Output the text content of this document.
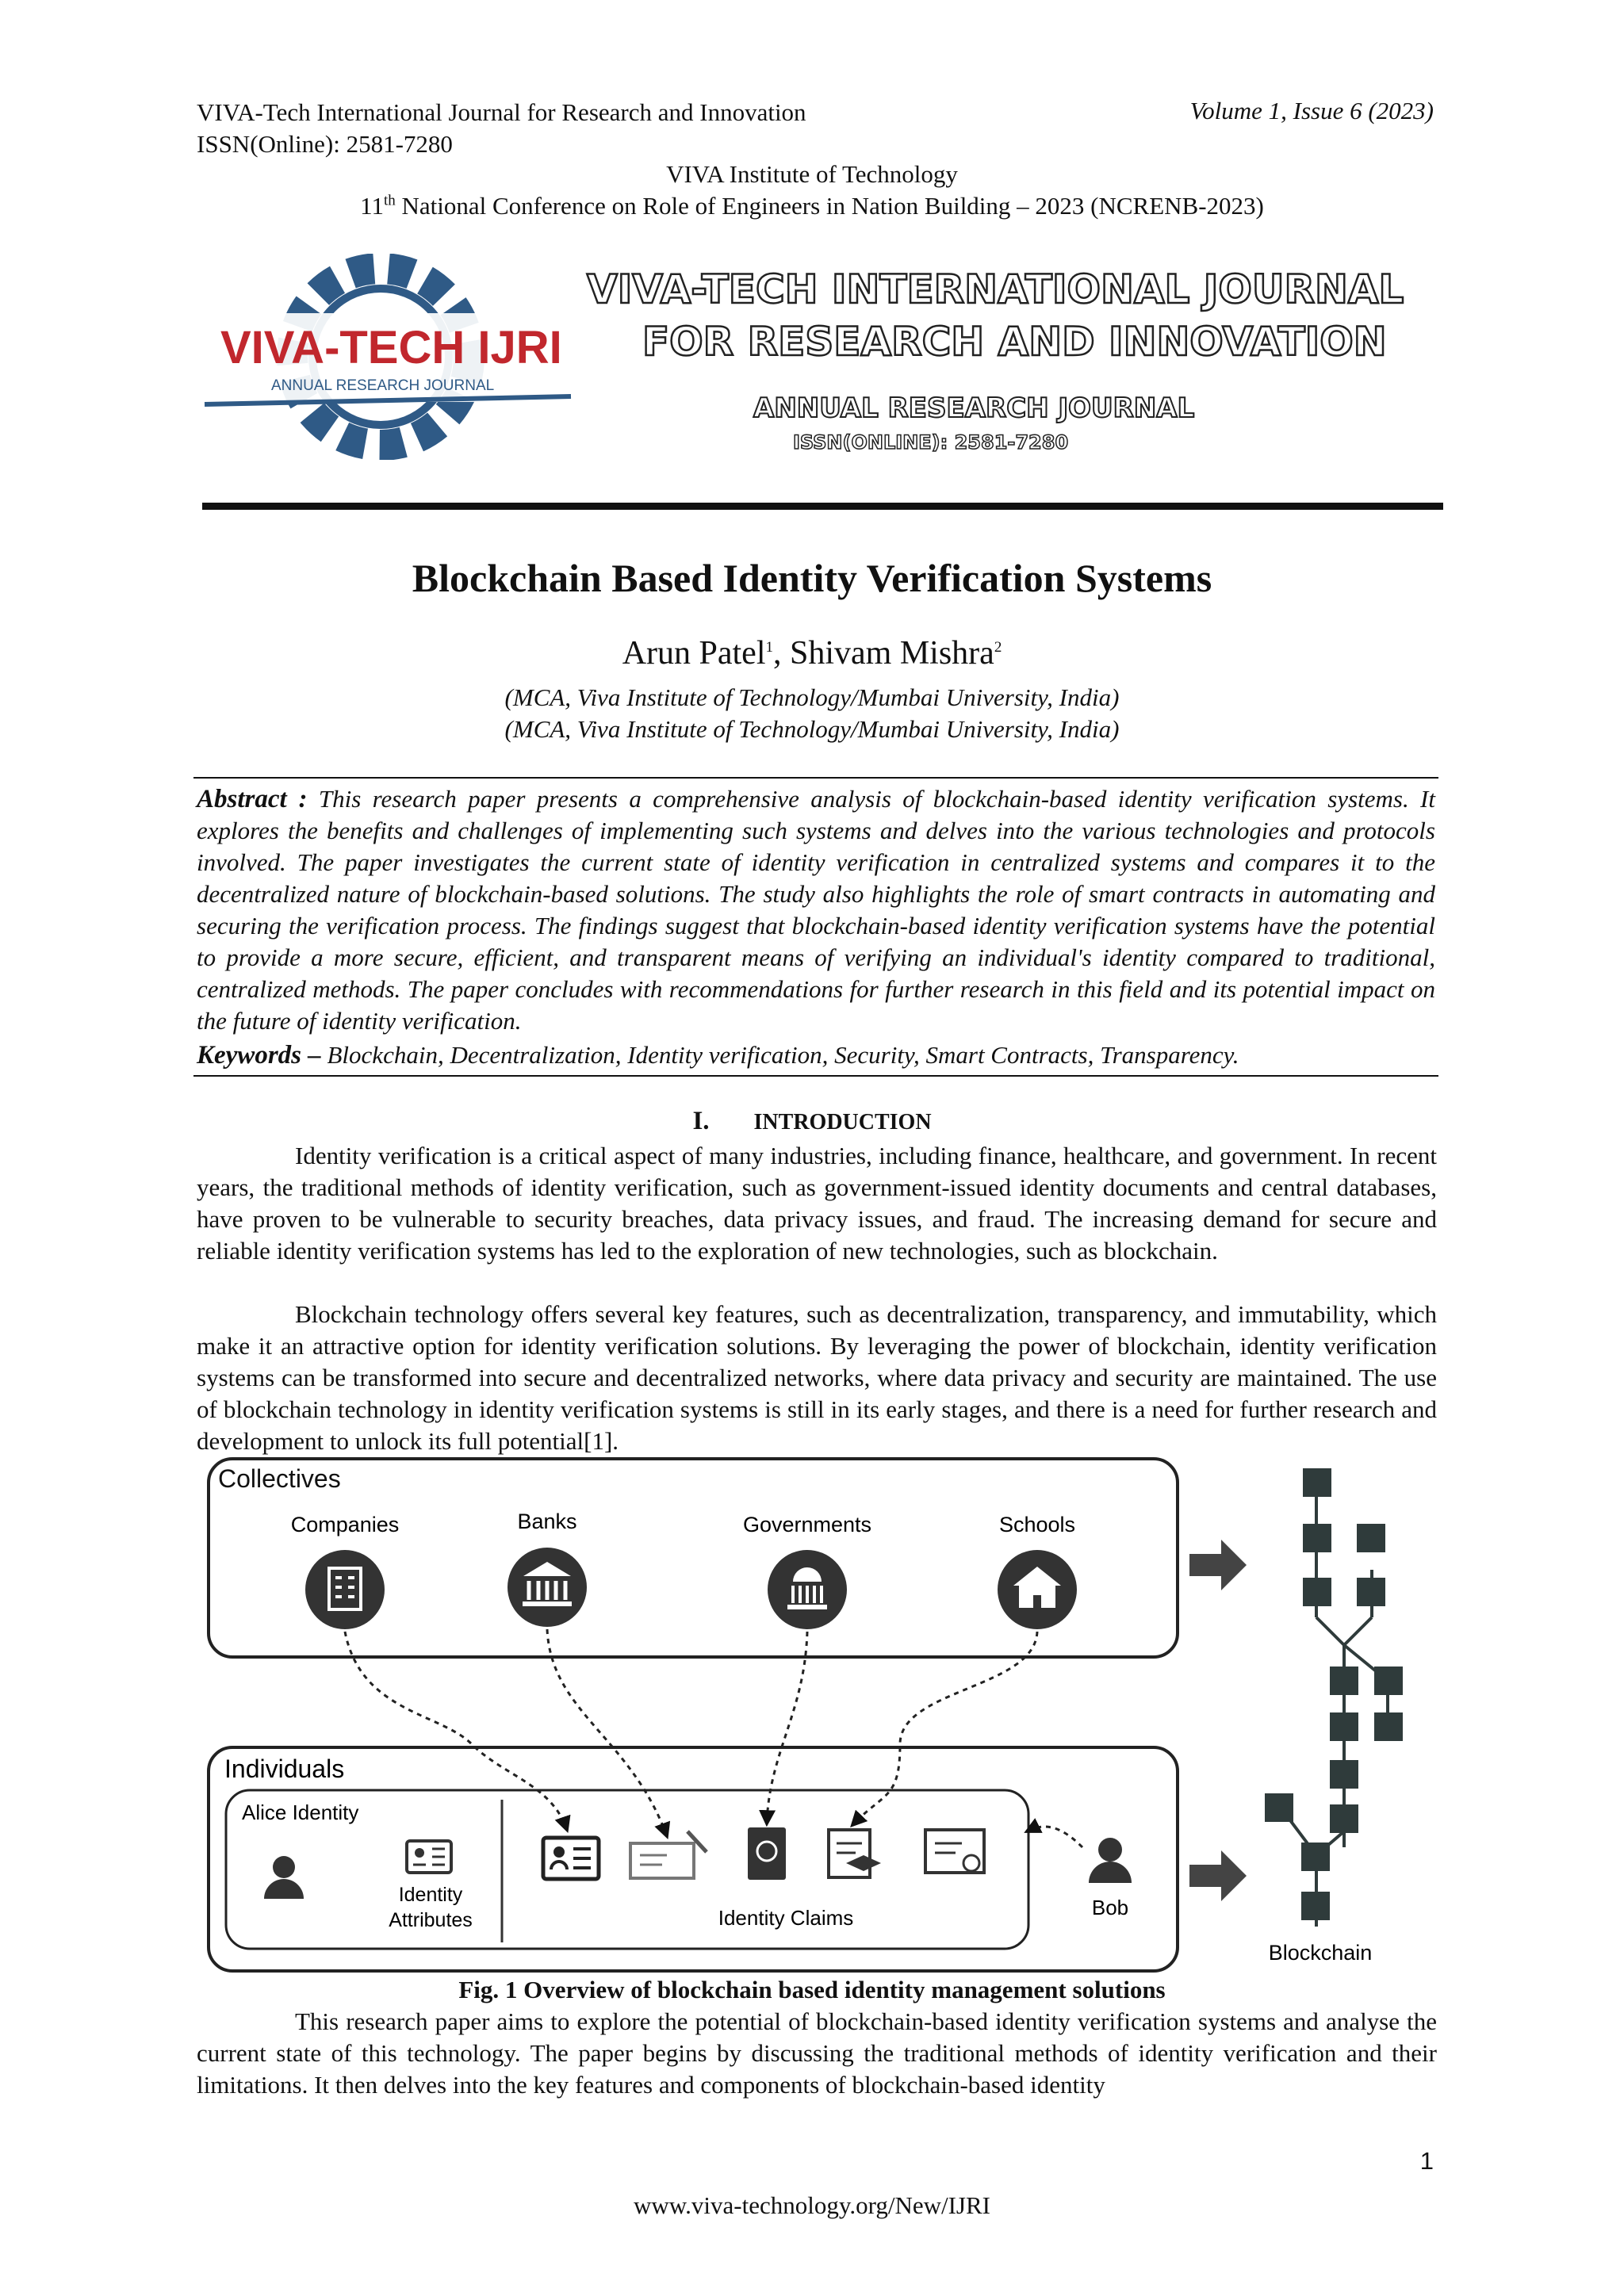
VIVA-Tech International Journal for Research and Innovation
ISSN(Online): 2581-7280
Volume 1, Issue 6 (2023)
VIVA Institute of Technology
11th National Conference on Role of Engineers in Nation Building – 2023 (NCRENB-2023)
VIVA-TECH IJRI
ANNUAL RESEARCH JOURNAL
VIVA-TECH INTERNATIONAL JOURNAL
FOR RESEARCH AND INNOVATION
ANNUAL RESEARCH JOURNAL
ISSN(ONLINE): 2581-7280
Blockchain Based Identity Verification Systems
Arun Patel$^1$, Shivam Mishra$^2$
(MCA, Viva Institute of Technology/Mumbai University, India)
(MCA, Viva Institute of Technology/Mumbai University, India)
Abstract : This research paper presents a comprehensive analysis of blockchain-based identity verification systems. It explores the benefits and challenges of implementing such systems and delves into the various technologies and protocols involved. The paper investigates the current state of identity verification in centralized systems and compares it to the decentralized nature of blockchain-based solutions. The study also highlights the role of smart contracts in automating and securing the verification process. The findings suggest that blockchain-based identity verification systems have the potential to provide a more secure, efficient, and transparent means of verifying an individual's identity compared to traditional, centralized methods. The paper concludes with recommendations for further research in this field and its potential impact on the future of identity verification.
Keywords – Blockchain, Decentralization, Identity verification, Security, Smart Contracts, Transparency.
I. INTRODUCTION
Identity verification is a critical aspect of many industries, including finance, healthcare, and government. In recent years, the traditional methods of identity verification, such as government-issued identity documents and central databases, have proven to be vulnerable to security breaches, data privacy issues, and fraud. The increasing demand for secure and reliable identity verification systems has led to the exploration of new technologies, such as blockchain.
Blockchain technology offers several key features, such as decentralization, transparency, and immutability, which make it an attractive option for identity verification solutions. By leveraging the power of blockchain, identity verification systems can be transformed into secure and decentralized networks, where data privacy and security are maintained. The use of blockchain technology in identity verification systems is still in its early stages, and there is a need for further research and development to unlock its full potential[1].
Collectives
Companies	Banks	Governments	Schools
Individuals
Alice Identity
Identity
Attributes	Identity Claims	Bob
Blockchain
Fig. 1 Overview of blockchain based identity management solutions
This research paper aims to explore the potential of blockchain-based identity verification systems and analyse the current state of this technology. The paper begins by discussing the traditional methods of identity verification and their limitations. It then delves into the key features and components of blockchain-based identity
1
www.viva-technology.org/New/IJRI
